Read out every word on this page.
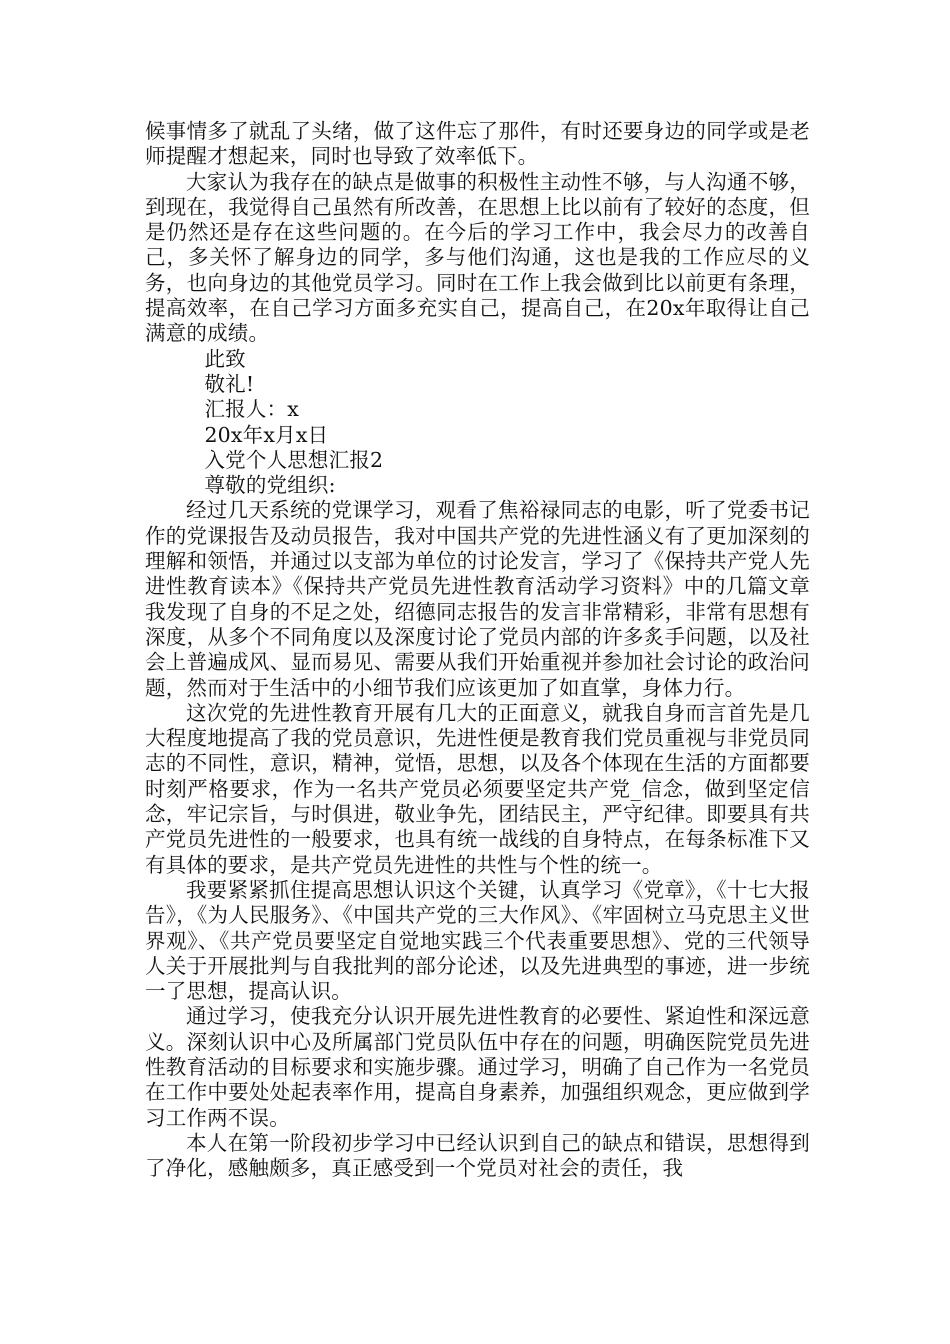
候事情多了就乱了头绪，做了这件忘了那件，有时还要身边的同学或是老师提醒才想起来，同时也导致了效率低下。

大家认为我存在的缺点是做事的积极性主动性不够，与人沟通不够，到现在，我觉得自己虽然有所改善，在思想上比以前有了较好的态度，但是仍然还是存在这些问题的。在今后的学习工作中，我会尽力的改善自己，多关怀了解身边的同学，多与他们沟通，这也是我的工作应尽的义务，也向身边的其他党员学习。同时在工作上我会做到比以前更有条理，提高效率，在自己学习方面多充实自己，提高自己，在20x年取得让自己满意的成绩。

此致

敬礼!

汇报人：x

20x年x月x日

入党个人思想汇报2

尊敬的党组织:

经过几天系统的党课学习，观看了焦裕禄同志的电影，听了党委书记作的党课报告及动员报告，我对中国共产党的先进性涵义有了更加深刻的理解和领悟，并通过以支部为单位的讨论发言，学习了《保持共产党人先进性教育读本》《保持共产党员先进性教育活动学习资料》中的几篇文章我发现了自身的不足之处，绍德同志报告的发言非常精彩，非常有思想有深度，从多个不同角度以及深度讨论了党员内部的许多炙手问题，以及社会上普遍成风、显而易见、需要从我们开始重视并参加社会讨论的政治问题，然而对于生活中的小细节我们应该更加了如直掌，身体力行。

这次党的先进性教育开展有几大的正面意义，就我自身而言首先是几大程度地提高了我的党员意识，先进性便是教育我们党员重视与非党员同志的不同性，意识，精神，觉悟，思想，以及各个体现在生活的方面都要时刻严格要求，作为一名共产党员必须要坚定共产党_信念，做到坚定信念，牢记宗旨，与时俱进，敬业争先，团结民主，严守纪律。即要具有共产党员先进性的一般要求，也具有统一战线的自身特点，在每条标准下又有具体的要求，是共产党员先进性的共性与个性的统一。

我要紧紧抓住提高思想认识这个关键，认真学习《党章》，《十七大报告》，《为人民服务》、《中国共产党的三大作风》、《牢固树立马克思主义世界观》、《共产党员要坚定自觉地实践三个代表重要思想》、党的三代领导人关于开展批判与自我批判的部分论述，以及先进典型的事迹，进一步统一了思想，提高认识。

通过学习，使我充分认识开展先进性教育的必要性、紧迫性和深远意义。深刻认识中心及所属部门党员队伍中存在的问题，明确医院党员先进性教育活动的目标要求和实施步骤。通过学习，明确了自己作为一名党员在工作中要处处起表率作用，提高自身素养，加强组织观念，更应做到学习工作两不误。

本人在第一阶段初步学习中已经认识到自己的缺点和错误，思想得到了净化，感触颇多，真正感受到一个党员对社会的责任，我
